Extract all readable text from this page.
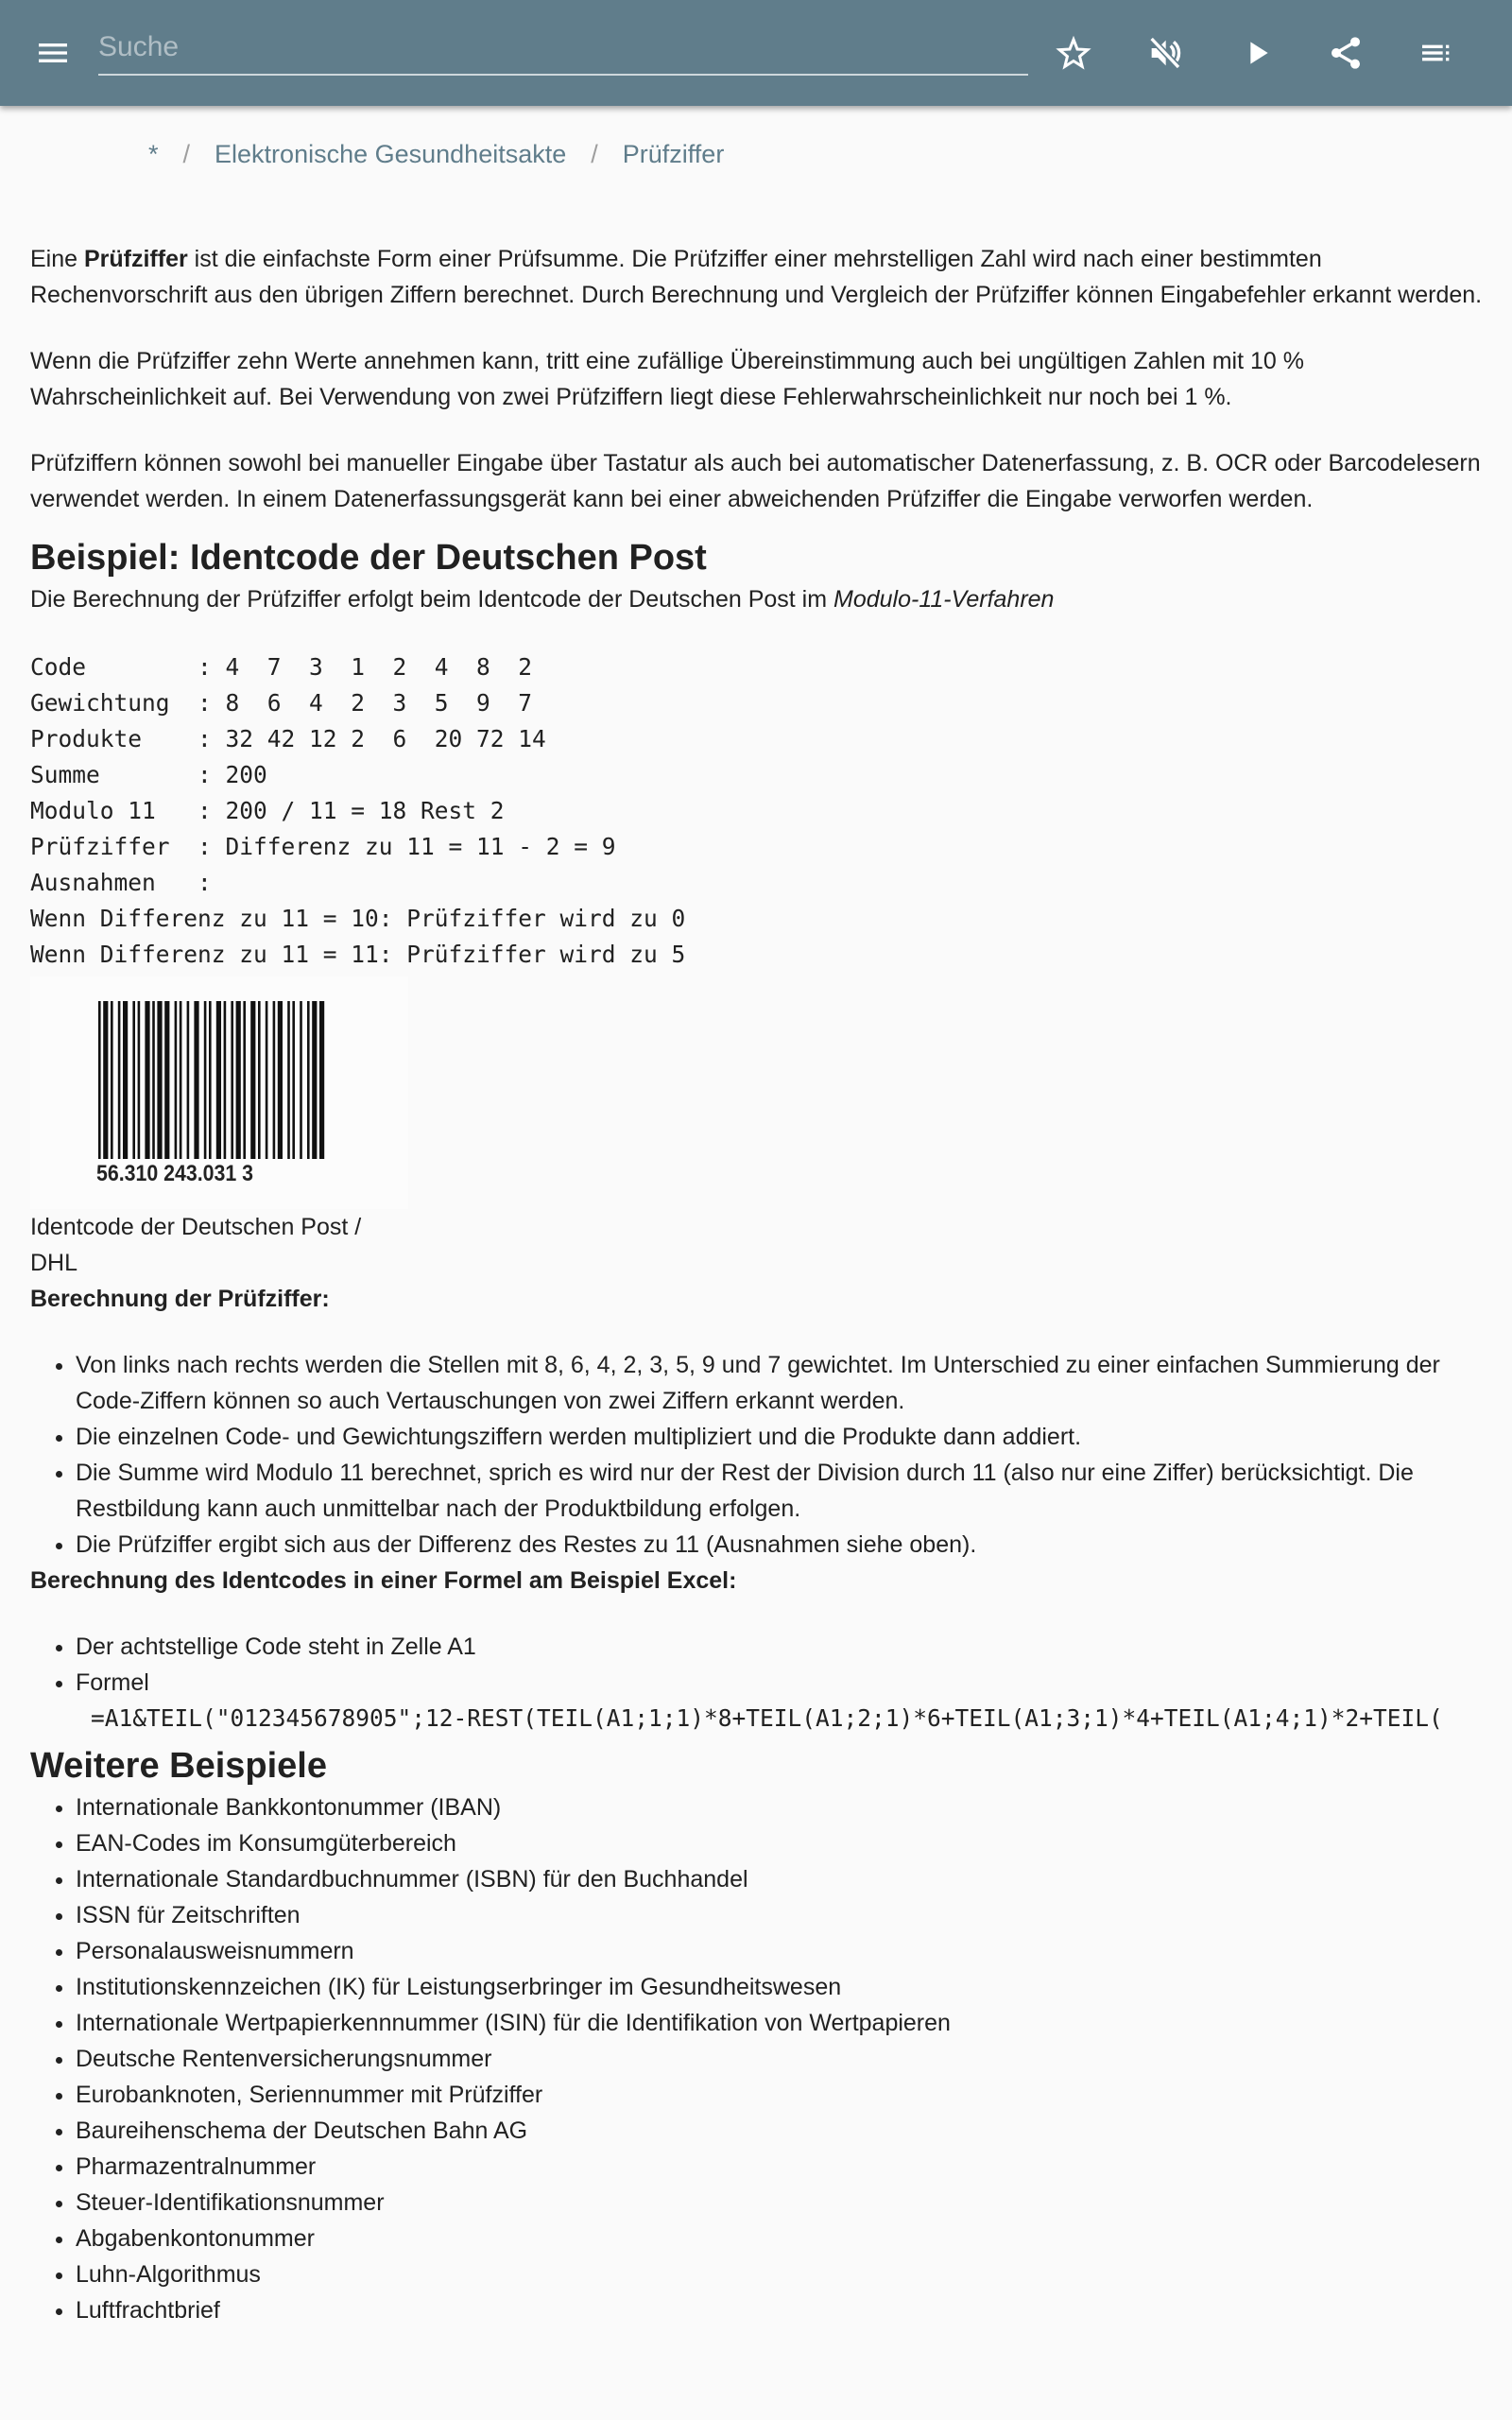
Suche
* / Elektronische Gesundheitsakte / Prüfziffer

Eine Prüfziffer ist die einfachste Form einer Prüfsumme. Die Prüfziffer einer mehrstelligen Zahl wird nach einer bestimmten Rechenvorschrift aus den übrigen Ziffern berechnet. Durch Berechnung und Vergleich der Prüfziffer können Eingabefehler erkannt werden.

Wenn die Prüfziffer zehn Werte annehmen kann, tritt eine zufällige Übereinstimmung auch bei ungültigen Zahlen mit 10 % Wahrscheinlichkeit auf. Bei Verwendung von zwei Prüfziffern liegt diese Fehlerwahrscheinlichkeit nur noch bei 1 %.

Prüfziffern können sowohl bei manueller Eingabe über Tastatur als auch bei automatischer Datenerfassung, z. B. OCR oder Barcodelesern verwendet werden. In einem Datenerfassungsgerät kann bei einer abweichenden Prüfziffer die Eingabe verworfen werden.

Beispiel: Identcode der Deutschen Post

Die Berechnung der Prüfziffer erfolgt beim Identcode der Deutschen Post im Modulo-11-Verfahren

Code        : 4  7  3  1  2  4  8  2
Gewichtung  : 8  6  4  2  3  5  9  7
Produkte    : 32 42 12 2  6  20 72 14
Summe       : 200
Modulo 11   : 200 / 11 = 18 Rest 2
Prüfziffer  : Differenz zu 11 = 11 - 2 = 9
Ausnahmen   :
Wenn Differenz zu 11 = 10: Prüfziffer wird zu 0
Wenn Differenz zu 11 = 11: Prüfziffer wird zu 5
56.310 243.031 3

Identcode der Deutschen Post / DHL

Berechnung der Prüfziffer:

• Von links nach rechts werden die Stellen mit 8, 6, 4, 2, 3, 5, 9 und 7 gewichtet. Im Unterschied zu einer einfachen Summierung der Code-Ziffern können so auch Vertauschungen von zwei Ziffern erkannt werden.
• Die einzelnen Code- und Gewichtungsziffern werden multipliziert und die Produkte dann addiert.
• Die Summe wird Modulo 11 berechnet, sprich es wird nur der Rest der Division durch 11 (also nur eine Ziffer) berücksichtigt. Die Restbildung kann auch unmittelbar nach der Produktbildung erfolgen.
• Die Prüfziffer ergibt sich aus der Differenz des Restes zu 11 (Ausnahmen siehe oben).

Berechnung des Identcodes in einer Formel am Beispiel Excel:

• Der achtstellige Code steht in Zelle A1
• Formel
=A1&TEIL("012345678905";12-REST(TEIL(A1;1;1)*8+TEIL(A1;2;1)*6+TEIL(A1;3;1)*4+TEIL(A1;4;1)*2+TEIL(
Weitere Beispiele
• Internationale Bankkontonummer (IBAN)
• EAN-Codes im Konsumgüterbereich
• Internationale Standardbuchnummer (ISBN) für den Buchhandel
• ISSN für Zeitschriften
• Personalausweisnummern
• Institutionskennzeichen (IK) für Leistungserbringer im Gesundheitswesen
• Internationale Wertpapierkennnummer (ISIN) für die Identifikation von Wertpapieren
• Deutsche Rentenversicherungsnummer
• Eurobanknoten, Seriennummer mit Prüfziffer
• Baureihenschema der Deutschen Bahn AG
• Pharmazentralnummer
• Steuer-Identifikationsnummer
• Abgabenkontonummer
• Luhn-Algorithmus
• Luftfrachtbrief
